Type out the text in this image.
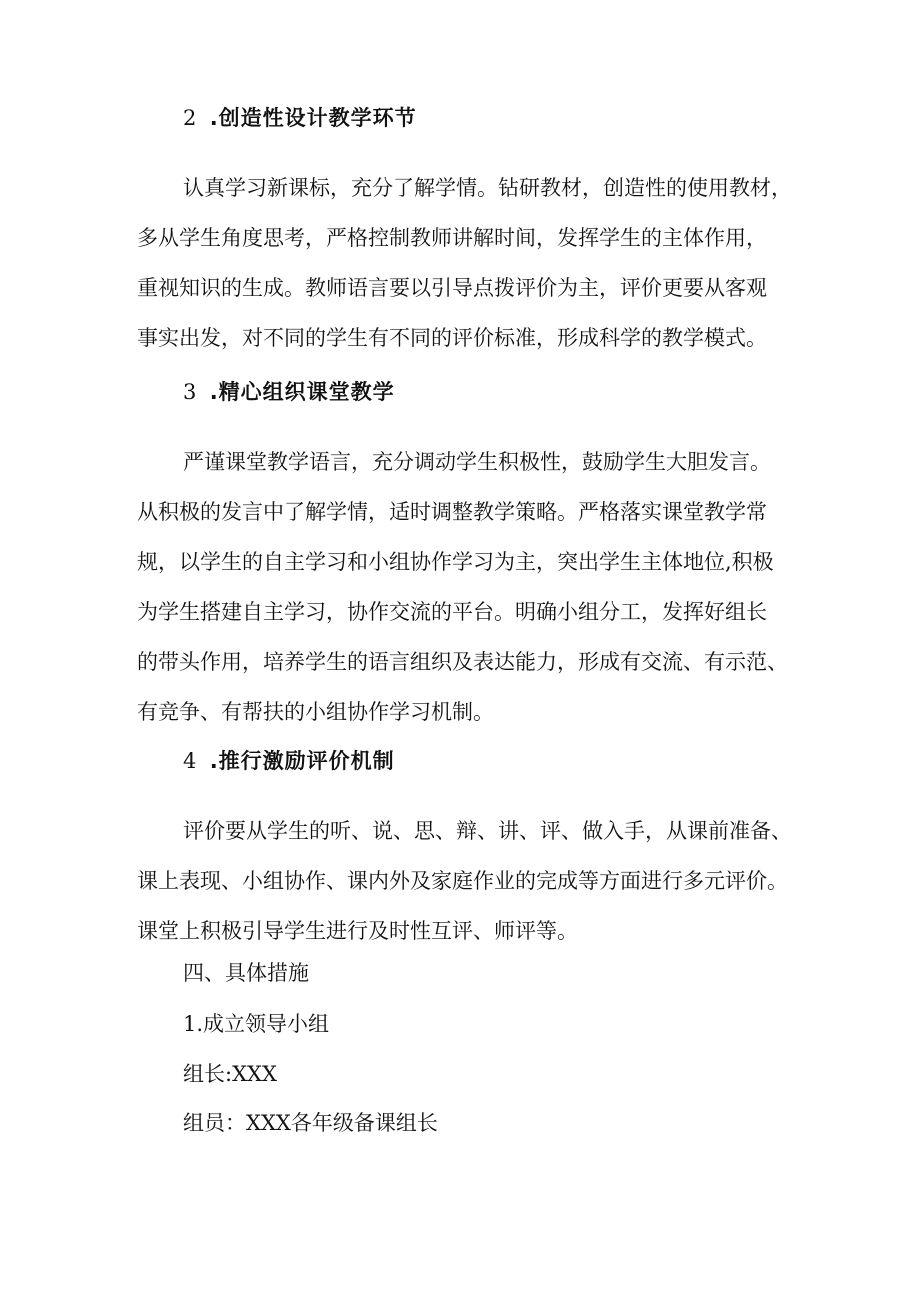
2 .创造性设计教学环节
认真学习新课标，充分了解学情。钻研教材，创造性的使用教材，
多从学生角度思考，严格控制教师讲解时间，发挥学生的主体作用，
重视知识的生成。教师语言要以引导点拨评价为主，评价更要从客观
事实出发，对不同的学生有不同的评价标准，形成科学的教学模式。
3 .精心组织课堂教学
严谨课堂教学语言，充分调动学生积极性，鼓励学生大胆发言。
从积极的发言中了解学情，适时调整教学策略。严格落实课堂教学常
规，以学生的自主学习和小组协作学习为主，突出学生主体地位,积极
为学生搭建自主学习，协作交流的平台。明确小组分工，发挥好组长
的带头作用，培养学生的语言组织及表达能力，形成有交流、有示范、
有竞争、有帮扶的小组协作学习机制。
4 .推行激励评价机制
评价要从学生的听、说、思、辩、讲、评、做入手，从课前准备、
课上表现、小组协作、课内外及家庭作业的完成等方面进行多元评价。
课堂上积极引导学生进行及时性互评、师评等。
四、具体措施
1.成立领导小组
组长:XXX
组员：XXX各年级备课组长
